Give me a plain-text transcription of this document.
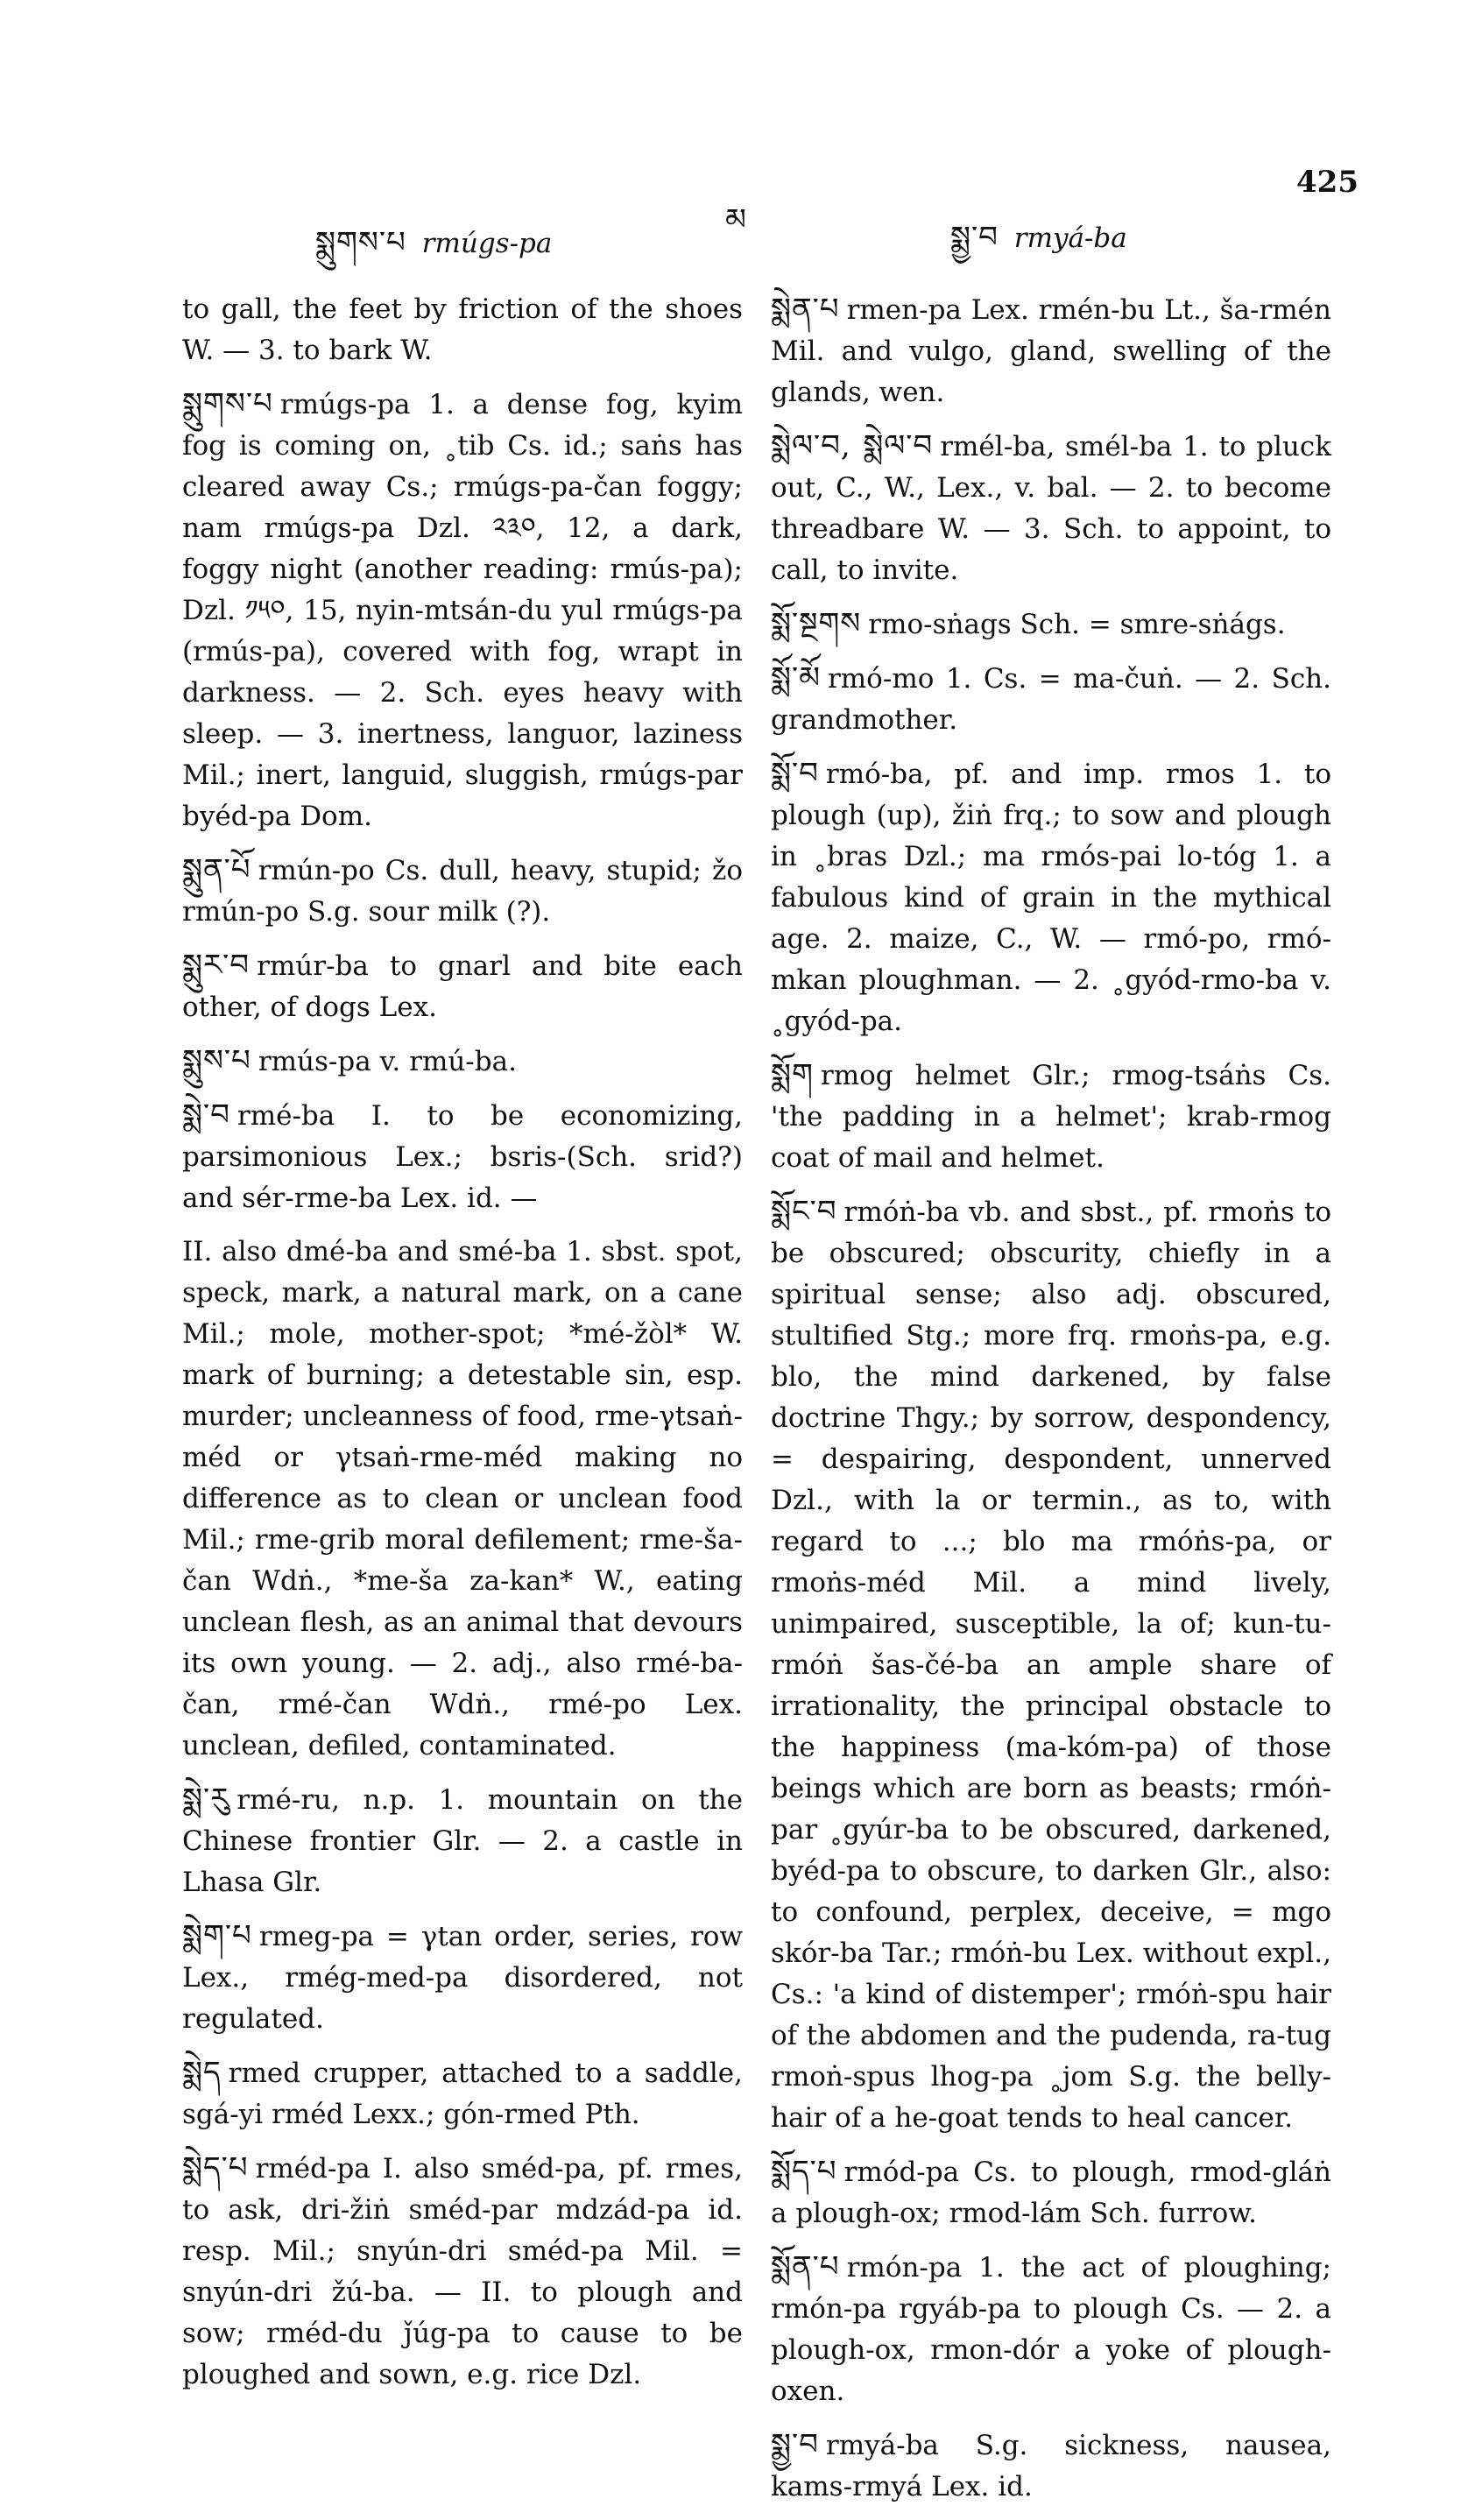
སྨུགས་པ rmúgs-pa
མ	སྨྱ་བ rmyá-ba
425

to gall, the feet by friction of the shoes W. — 3. to bark W.

སྨུགས་པ rmúgs-pa 1. a dense fog, kyim fog is coming on, ˳tib Cs. id.; saṅs has cleared away Cs.; rmúgs-pa-čan foggy; nam rmúgs-pa Dzl. ༢༣༠, 12, a dark, foggy night (another reading: rmús-pa); Dzl. ༡༥༠, 15, nyin-mtsán-du yul rmúgs-pa (rmús-pa), covered with fog, wrapt in darkness. — 2. Sch. eyes heavy with sleep. — 3. inertness, languor, laziness Mil.; inert, languid, sluggish, rmúgs-par byéd-pa Dom.

སྨུན་པོ rmún-po Cs. dull, heavy, stupid; žo rmún-po S.g. sour milk (?).

སྨུར་བ rmúr-ba to gnarl and bite each other, of dogs Lex.

སྨུས་པ rmús-pa v. rmú-ba.

སྨེ་བ rmé-ba I. to be economizing, parsimonious Lex.; bsris-(Sch. srid?) and sér-rme-ba Lex. id. —

II. also dmé-ba and smé-ba 1. sbst. spot, speck, mark, a natural mark, on a cane Mil.; mole, mother-spot; *mé-žòl* W. mark of burning; a detestable sin, esp. murder; uncleanness of food, rme-γtsaṅ-méd or γtsaṅ-rme-méd making no difference as to clean or unclean food Mil.; rme-grib moral defilement; rme-ša-čan Wdṅ., *me-ša za-kan* W., eating unclean flesh, as an animal that devours its own young. — 2. adj., also rmé-ba-čan, rmé-čan Wdṅ., rmé-po Lex. unclean, defiled, contaminated.

སྨེ་རུ rmé-ru, n.p. 1. mountain on the Chinese frontier Glr. — 2. a castle in Lhasa Glr.

སྨེག་པ rmeg-pa = γtan order, series, row Lex., rmég-med-pa disordered, not regulated.

སྨེད rmed crupper, attached to a saddle, sgá-yi rméd Lexx.; gón-rmed Pth.

སྨེད་པ rméd-pa I. also sméd-pa, pf. rmes, to ask, dri-žiṅ sméd-par mdzád-pa id. resp. Mil.; snyún-dri sméd-pa Mil. = snyún-dri žú-ba. — II. to plough and sow; rméd-du ǰúg-pa to cause to be ploughed and sown, e.g. rice Dzl.

སྨེན་པ rmen-pa Lex. rmén-bu Lt., ša-rmén Mil. and vulgo, gland, swelling of the glands, wen.

སྨེལ་བ, སྨེལ་བ rmél-ba, smél-ba 1. to pluck out, C., W., Lex., v. bal. — 2. to become threadbare W. — 3. Sch. to appoint, to call, to invite.

སྨོ་སྔགས rmo-sṅags Sch. = smre-sṅágs.

སྨོ་མོ rmó-mo 1. Cs. = ma-čuṅ. — 2. Sch. grandmother.

སྨོ་བ rmó-ba, pf. and imp. rmos 1. to plough (up), žiṅ frq.; to sow and plough in ˳bras Dzl.; ma rmós-pai lo-tóg 1. a fabulous kind of grain in the mythical age. 2. maize, C., W. — rmó-po, rmó-mkan ploughman. — 2. ˳gyód-rmo-ba v. ˳gyód-pa.

སྨོག rmog helmet Glr.; rmog-tsáṅs Cs. 'the padding in a helmet'; krab-rmog coat of mail and helmet.

སྨོང་བ rmóṅ-ba vb. and sbst., pf. rmoṅs to be obscured; obscurity, chiefly in a spiritual sense; also adj. obscured, stultified Stg.; more frq. rmoṅs-pa, e.g. blo, the mind darkened, by false doctrine Thgy.; by sorrow, despondency, = despairing, despondent, unnerved Dzl., with la or termin., as to, with regard to ...; blo ma rmóṅs-pa, or rmoṅs-méd Mil. a mind lively, unimpaired, susceptible, la of; kun-tu-rmóṅ šas-čé-ba an ample share of irrationality, the principal obstacle to the happiness (ma-kóm-pa) of those beings which are born as beasts; rmóṅ-par ˳gyúr-ba to be obscured, darkened, byéd-pa to obscure, to darken Glr., also: to confound, perplex, deceive, = mgo skór-ba Tar.; rmóṅ-bu Lex. without expl., Cs.: 'a kind of distemper'; rmóṅ-spu hair of the abdomen and the pudenda, ra-tug rmoṅ-spus lhog-pa ˳jom S.g. the belly-hair of a he-goat tends to heal cancer.

སྨོད་པ rmód-pa Cs. to plough, rmod-gláṅ a plough-ox; rmod-lám Sch. furrow.

སྨོན་པ rmón-pa 1. the act of ploughing; rmón-pa rgyáb-pa to plough Cs. — 2. a plough-ox, rmon-dór a yoke of plough-oxen.

སྨྱ་བ rmyá-ba S.g. sickness, nausea, kams-rmyá Lex. id.
